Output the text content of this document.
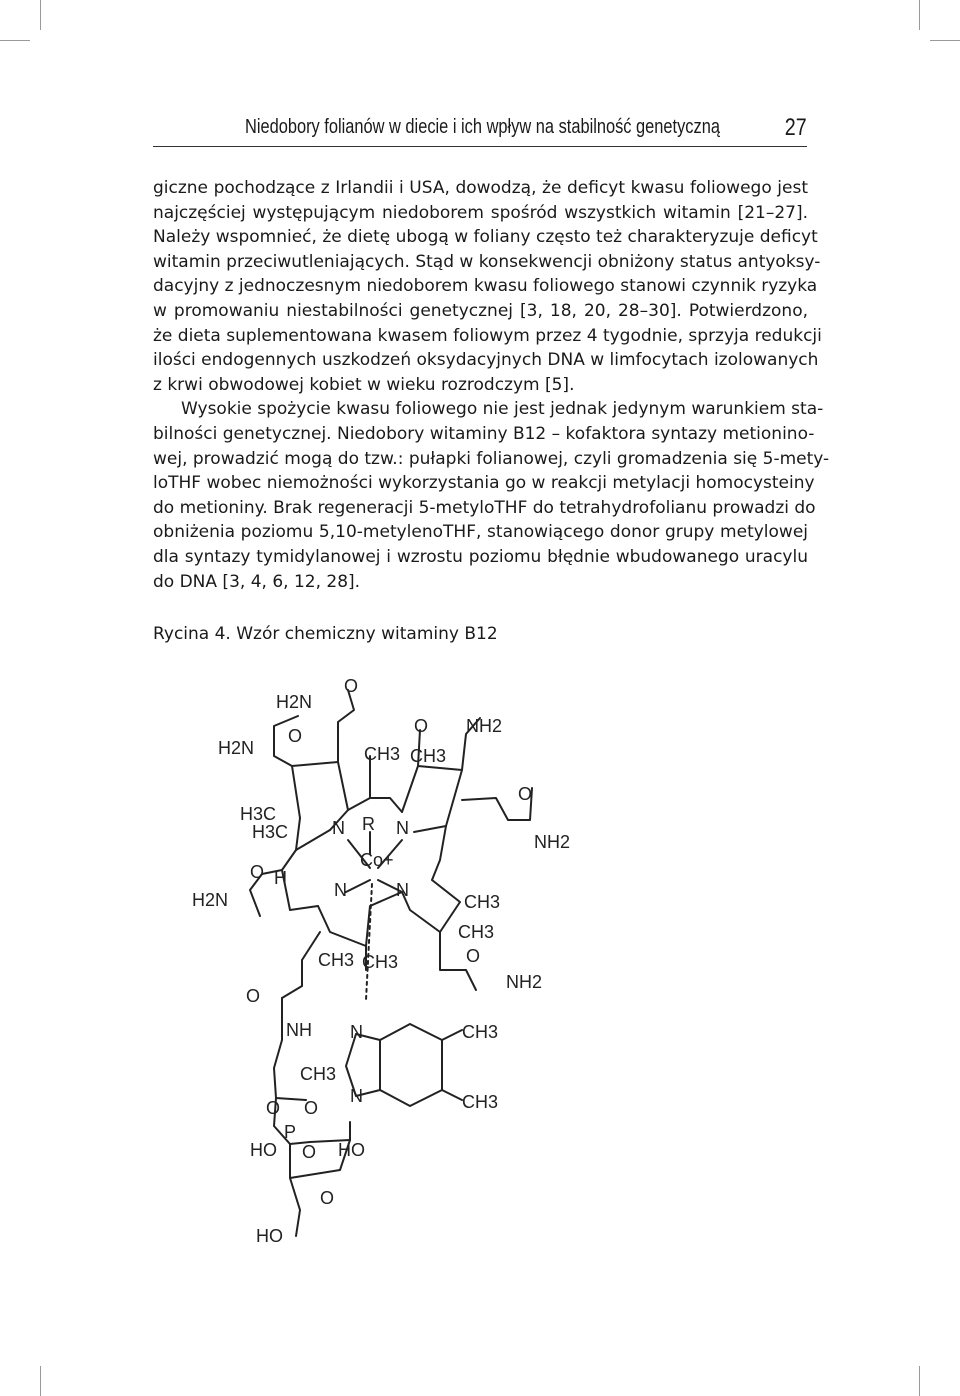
Niedobory folianów w diecie i ich wpływ na stabilność genetyczną	27

giczne pochodzące z Irlandii i USA, dowodzą, że deficyt kwasu foliowego jest
najczęściej występującym niedoborem spośród wszystkich witamin [21–27].
Należy wspomnieć, że dietę ubogą w foliany często też charakteryzuje deficyt
witamin przeciwutleniających. Stąd w konsekwencji obniżony status antyoksy-
dacyjny z jednoczesnym niedoborem kwasu foliowego stanowi czynnik ryzyka
w promowaniu niestabilności genetycznej [3, 18, 20, 28–30]. Potwierdzono,
że dieta suplementowana kwasem foliowym przez 4 tygodnie, sprzyja redukcji
ilości endogennych uszkodzeń oksydacyjnych DNA w limfocytach izolowanych
z krwi obwodowej kobiet w wieku rozrodczym [5].

Wysokie spożycie kwasu foliowego nie jest jednak jedynym warunkiem sta-
bilności genetycznej. Niedobory witaminy B12 – kofaktora syntazy metionino-
wej, prowadzić mogą do tzw.: pułapki folianowej, czyli gromadzenia się 5-mety-
loTHF wobec niemożności wykorzystania go w reakcji metylacji homocysteiny
do metioniny. Brak regeneracji 5-metyloTHF do tetrahydrofolianu prowadzi do
obniżenia poziomu 5,10-metylenoTHF, stanowiącego donor grupy metylowej
dla syntazy tymidylanowej i wzrostu poziomu błędnie wbudowanego uracylu
do DNA [3, 4, 6, 12, 28].

Rycina 4. Wzór chemiczny witaminy B12
H2N
O
H2N
O	O NH2
CH3 CH3
H3C
H3C N	N
N	N
R
Co+
O
NH2
O
H2N
H
CH3
CH3
CH3 CH3	O
NH2
O
NH
CH3
N
N
CH3
CH3
O O
P
HO O HO
O
HO
